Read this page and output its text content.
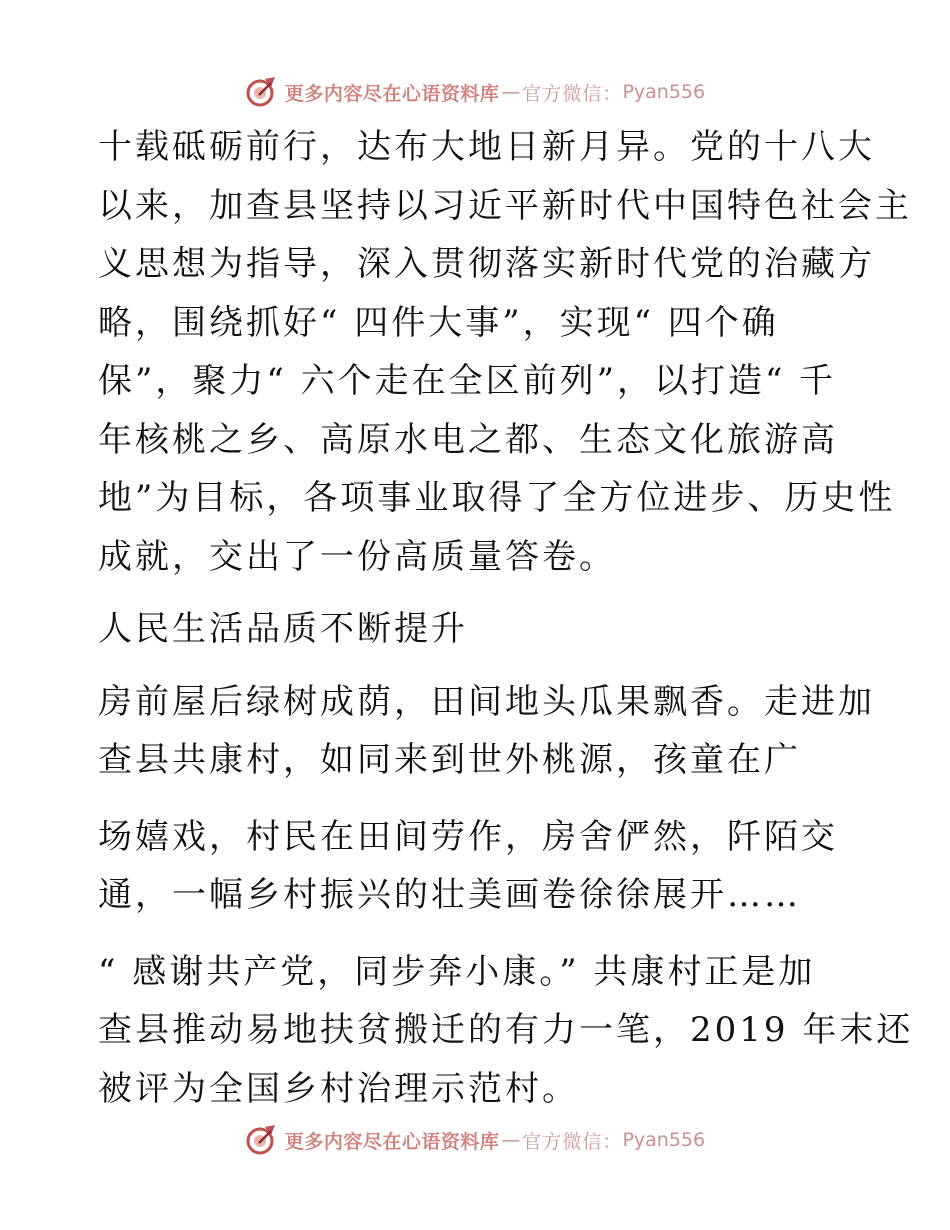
更多内容尽在心语资料库 — 官方微信： Pyan556

十载砥砺前行，达布大地日新月异。党的十八大
以来，加查县坚持以习近平新时代中国特色社会主
义思想为指导，深入贯彻落实新时代党的治藏方
略，围绕抓好“ 四件大事”，实现“ 四个确
保”，聚力“ 六个走在全区前列”，以打造“ 千
年核桃之乡、高原水电之都、生态文化旅游高
地”为目标，各项事业取得了全方位进步、历史性
成就，交出了一份高质量答卷。

人民生活品质不断提升

房前屋后绿树成荫，田间地头瓜果飘香。走进加
查县共康村，如同来到世外桃源，孩童在广

场嬉戏，村民在田间劳作，房舍俨然，阡陌交
通，一幅乡村振兴的壮美画卷徐徐展开……

“ 感谢共产党，同步奔小康。” 共康村正是加
查县推动易地扶贫搬迁的有力一笔，2019 年末还
被评为全国乡村治理示范村。

更多内容尽在心语资料库 — 官方微信： Pyan556
